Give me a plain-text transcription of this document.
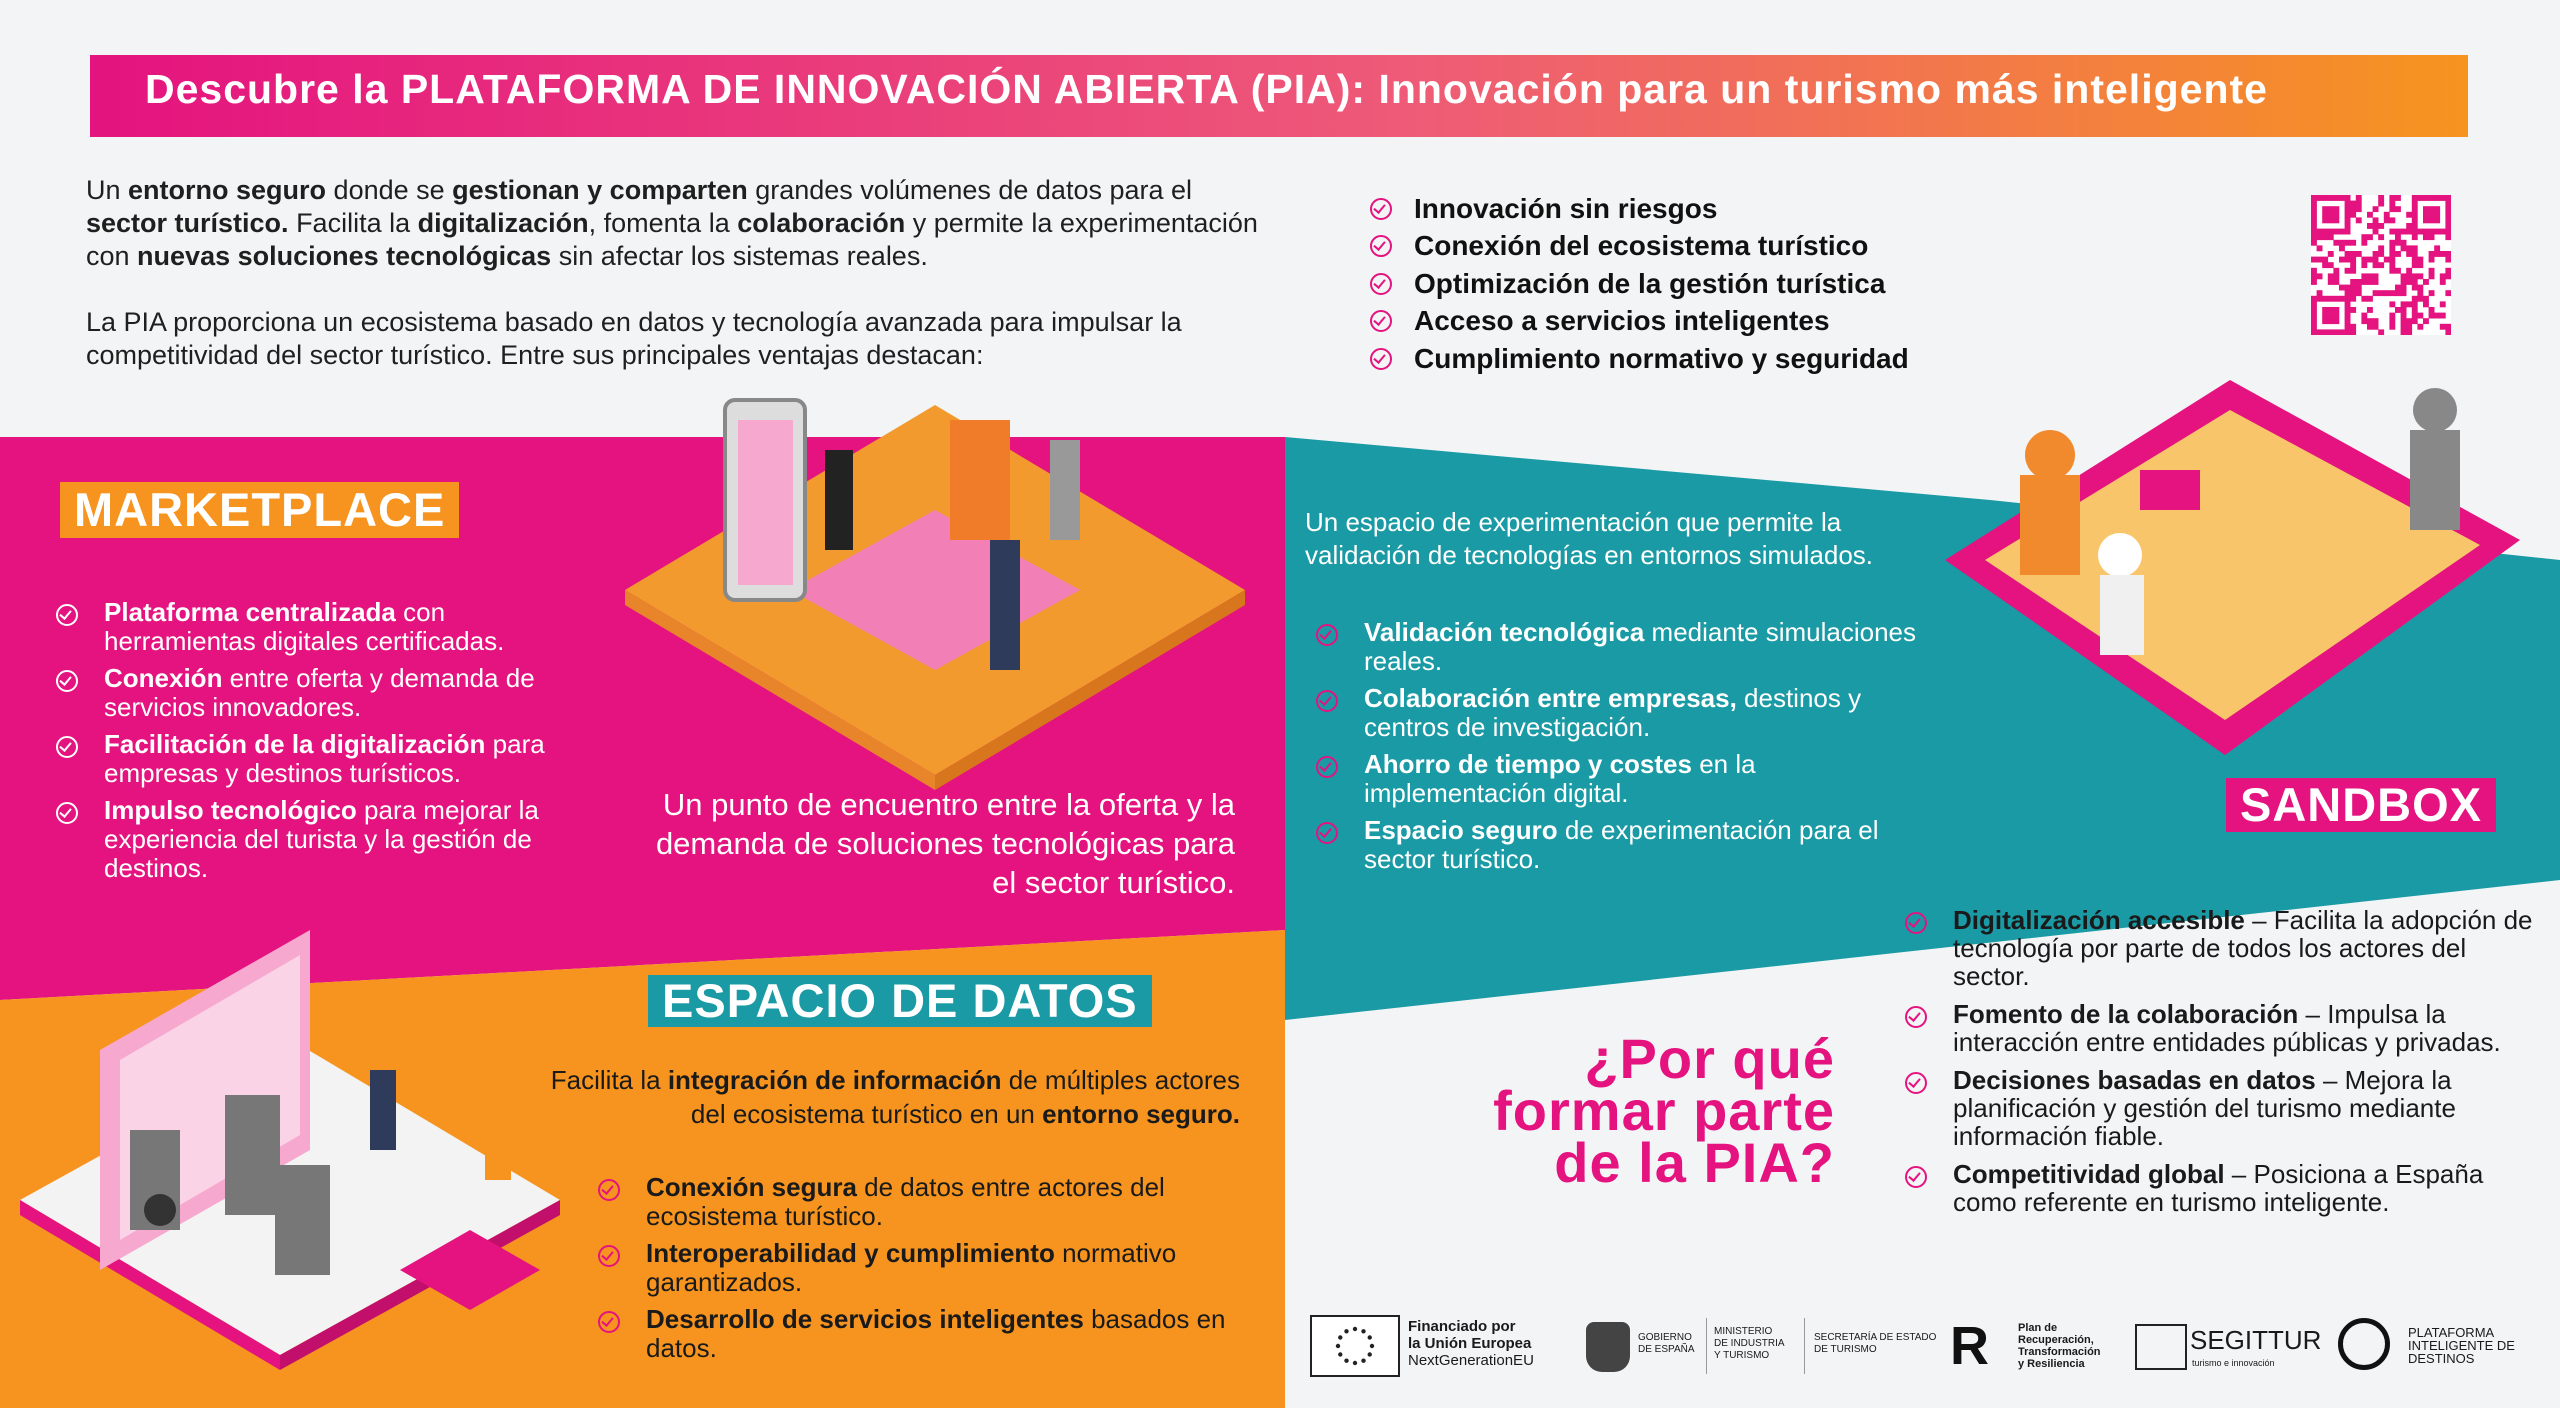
Descubre la PLATAFORMA DE INNOVACIÓN ABIERTA (PIA): Innovación para un turismo más inteligente
Un entorno seguro donde se gestionan y comparten grandes volúmenes de datos para el sector turístico. Facilita la digitalización, fomenta la colaboración y permite la experimentación con nuevas soluciones tecnológicas sin afectar los sistemas reales.
La PIA proporciona un ecosistema basado en datos y tecnología avanzada para impulsar la competitividad del sector turístico. Entre sus principales ventajas destacan:
Innovación sin riesgos
Conexión del ecosistema turístico
Optimización de la gestión turística
Acceso a servicios inteligentes
Cumplimiento normativo y seguridad
MARKETPLACE
Plataforma centralizada con herramientas digitales certificadas.
Conexión entre oferta y demanda de servicios innovadores.
Facilitación de la digitalización para empresas y destinos turísticos.
Impulso tecnológico para mejorar la experiencia del turista y la gestión de destinos.
Un punto de encuentro entre la oferta y la demanda de soluciones tecnológicas para el sector turístico.
Un espacio de experimentación que permite la validación de tecnologías en entornos simulados.
Validación tecnológica mediante simulaciones reales.
Colaboración entre empresas, destinos y centros de investigación.
Ahorro de tiempo y costes en la implementación digital.
Espacio seguro de experimentación para el sector turístico.
SANDBOX
ESPACIO DE DATOS
Facilita la integración de información de múltiples actores del ecosistema turístico en un entorno seguro.
Conexión segura de datos entre actores del ecosistema turístico.
Interoperabilidad y cumplimiento normativo garantizados.
Desarrollo de servicios inteligentes basados en datos.
¿Por qué
formar parte
de la PIA?
Digitalización accesible – Facilita la adopción de tecnología por parte de todos los actores del sector.
Fomento de la colaboración – Impulsa la interacción entre entidades públicas y privadas.
Decisiones basadas en datos – Mejora la planificación y gestión del turismo mediante información fiable.
Competitividad global – Posiciona a España como referente en turismo inteligente.
Financiado por
la Unión Europea
NextGenerationEU
GOBIERNO
DE ESPAÑA
MINISTERIO
DE INDUSTRIA
Y TURISMO
SECRETARÍA DE ESTADO
DE TURISMO	R	Plan de
Recuperación,
Transformación
y Resiliencia
SEGITTUR
turismo e innovación
PLATAFORMA
INTELIGENTE DE
DESTINOS
